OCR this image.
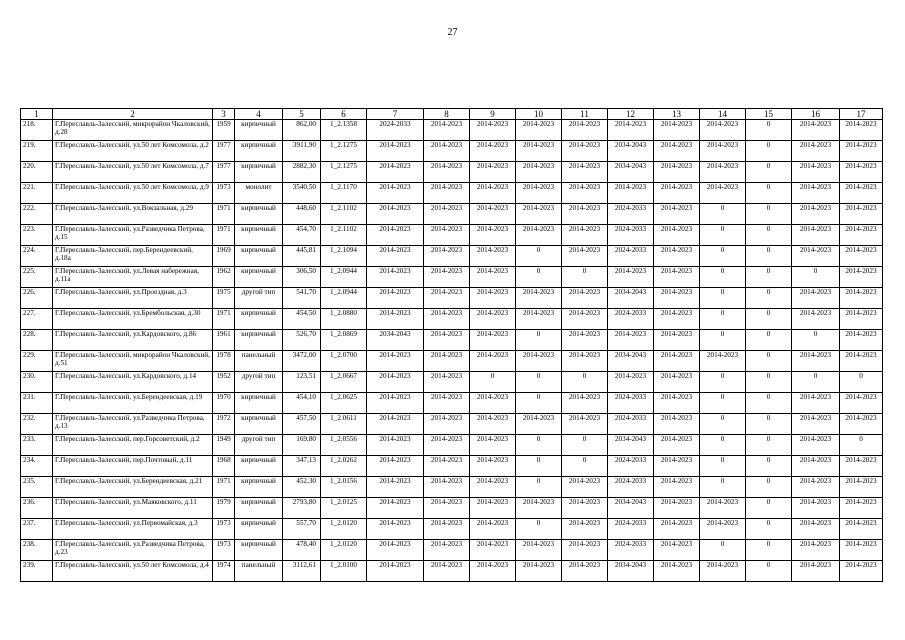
27
1	2	3	4	5	6	7	8	9	10	11	12	13	14	15	16	17
218.	Г.Переславль-Залесский, микрорайон Чкаловский, д.28	1959	кирпичный	862,00	1_2.1358	2024-2033	2014-2023	2014-2023	2014-2023	2014-2023	2014-2023	2014-2023	2014-2023	0	2014-2023	2014-2023
219.	Г.Переславль-Залесский, ул.50 лет Комсомола, д.2	1977	кирпичный	3911,90	1_2.1275	2014-2023	2014-2023	2014-2023	2014-2023	2014-2023	2034-2043	2014-2023	2014-2023	0	2014-2023	2014-2023
220.	Г.Переславль-Залесский, ул.50 лет Комсомола, д.7	1977	кирпичный	2882,30	1_2.1275	2014-2023	2014-2023	2014-2023	2014-2023	2014-2023	2034-2043	2014-2023	2014-2023	0	2014-2023	2014-2023
221.	Г.Переславль-Залесский, ул.50 лет Комсомола, д.9	1973	монолит	3540,50	1_2.1170	2014-2023	2014-2023	2014-2023	2014-2023	2014-2023	2014-2023	2014-2023	2014-2023	0	2014-2023	2014-2023
222.	Г.Переславль-Залесский, ул.Вокзальная, д.29	1971	кирпичный	448,60	1_2.1102	2014-2023	2014-2023	2014-2023	2014-2023	2014-2023	2024-2033	2014-2023	0	0	2014-2023	2014-2023
223.	Г.Переславль-Залесский, ул.Разведчика Петрова, д.15	1971	кирпичный	454,70	1_2.1102	2014-2023	2014-2023	2014-2023	2014-2023	2014-2023	2024-2033	2014-2023	0	0	2014-2023	2014-2023
224.	Г.Переславль-Залесский, пер.Берендеевский, д.18а	1969	кирпичный	445,81	1_2.1094	2014-2023	2014-2023	2014-2023	0	2014-2023	2024-2033	2014-2023	0	0	2014-2023	2014-2023
225.	Г.Переславль-Залесский, ул.Левая набережная, д.11а	1962	кирпичный	306,50	1_2.0944	2014-2023	2014-2023	2014-2023	0	0	2014-2023	2014-2023	0	0	0	2014-2023
226.	Г.Переславль-Залесский, ул.Проездная, д.3	1975	другой тип	541,70	1_2.0944	2014-2023	2014-2023	2014-2023	2014-2023	2014-2023	2034-2043	2014-2023	0	0	2014-2023	2014-2023
227.	Г.Переславль-Залесский, ул.Брембольская, д.30	1971	кирпичный	454,50	1_2.0880	2014-2023	2014-2023	2014-2023	2014-2023	2014-2023	2024-2033	2014-2023	0	0	2014-2023	2014-2023
228.	Г.Переславль-Залесский, ул.Кардовского, д.86	1961	кирпичный	526,70	1_2.0869	2034-2043	2014-2023	2014-2023	0	2014-2023	2014-2023	2014-2023	0	0	0	2014-2023
229.	Г.Переславль-Залесский, микрорайон Чкаловский, д.51	1978	панельный	3472,00	1_2.0700	2014-2023	2014-2023	2014-2023	2014-2023	2014-2023	2034-2043	2014-2023	2014-2023	0	2014-2023	2014-2023
230.	Г.Переславль-Залесский, ул.Кардовского, д.14	1952	другой тип	123,51	1_2.0667	2014-2023	2014-2023	0	0	0	2014-2023	2014-2023	0	0	0	0
231.	Г.Переславль-Залесский, ул.Берендеевская, д.19	1970	кирпичный	454,10	1_2.0625	2014-2023	2014-2023	2014-2023	0	2014-2023	2024-2033	2014-2023	0	0	2014-2023	2014-2023
232.	Г.Переславль-Залесский, ул.Разведчика Петрова, д.13	1972	кирпичный	457,50	1_2.0611	2014-2023	2014-2023	2014-2023	2014-2023	2014-2023	2024-2033	2014-2023	0	0	2014-2023	2014-2023
233.	Г.Переславль-Залесский, пер.Горсоветский, д.2	1949	другой тип	169,80	1_2.0556	2014-2023	2014-2023	2014-2023	0	0	2034-2043	2014-2023	0	0	2014-2023	0
234.	Г.Переславль-Залесский, пер.Почтовый, д.11	1968	кирпичный	347,13	1_2.0262	2014-2023	2014-2023	2014-2023	0	0	2024-2033	2014-2023	0	0	2014-2023	2014-2023
235.	Г.Переславль-Залесский, ул.Берендеевская, д.21	1971	кирпичный	452,30	1_2.0156	2014-2023	2014-2023	2014-2023	0	2014-2023	2024-2033	2014-2023	0	0	2014-2023	2014-2023
236.	Г.Переславль-Залесский, ул.Маяковского, д.11	1979	кирпичный	2793,80	1_2.0125	2014-2023	2014-2023	2014-2023	2014-2023	2014-2023	2034-2043	2014-2023	2014-2023	0	2014-2023	2014-2023
237.	Г.Переславль-Залесский, ул.Первомайская, д.3	1973	кирпичный	557,70	1_2.0120	2014-2023	2014-2023	2014-2023	0	2014-2023	2024-2033	2014-2023	2014-2023	0	2014-2023	2014-2023
238.	Г.Переславль-Залесский, ул.Разведчика Петрова, д.23	1973	кирпичный	478,40	1_2.0120	2014-2023	2014-2023	2014-2023	2014-2023	2014-2023	2024-2033	2014-2023	0	0	2014-2023	2014-2023
239.	Г.Переславль-Залесский, ул.50 лет Комсомола, д.4	1974	панельный	3112,61	1_2.0100	2014-2023	2014-2023	2014-2023	2014-2023	2014-2023	2034-2043	2014-2023	2014-2023	0	2014-2023	2014-2023
